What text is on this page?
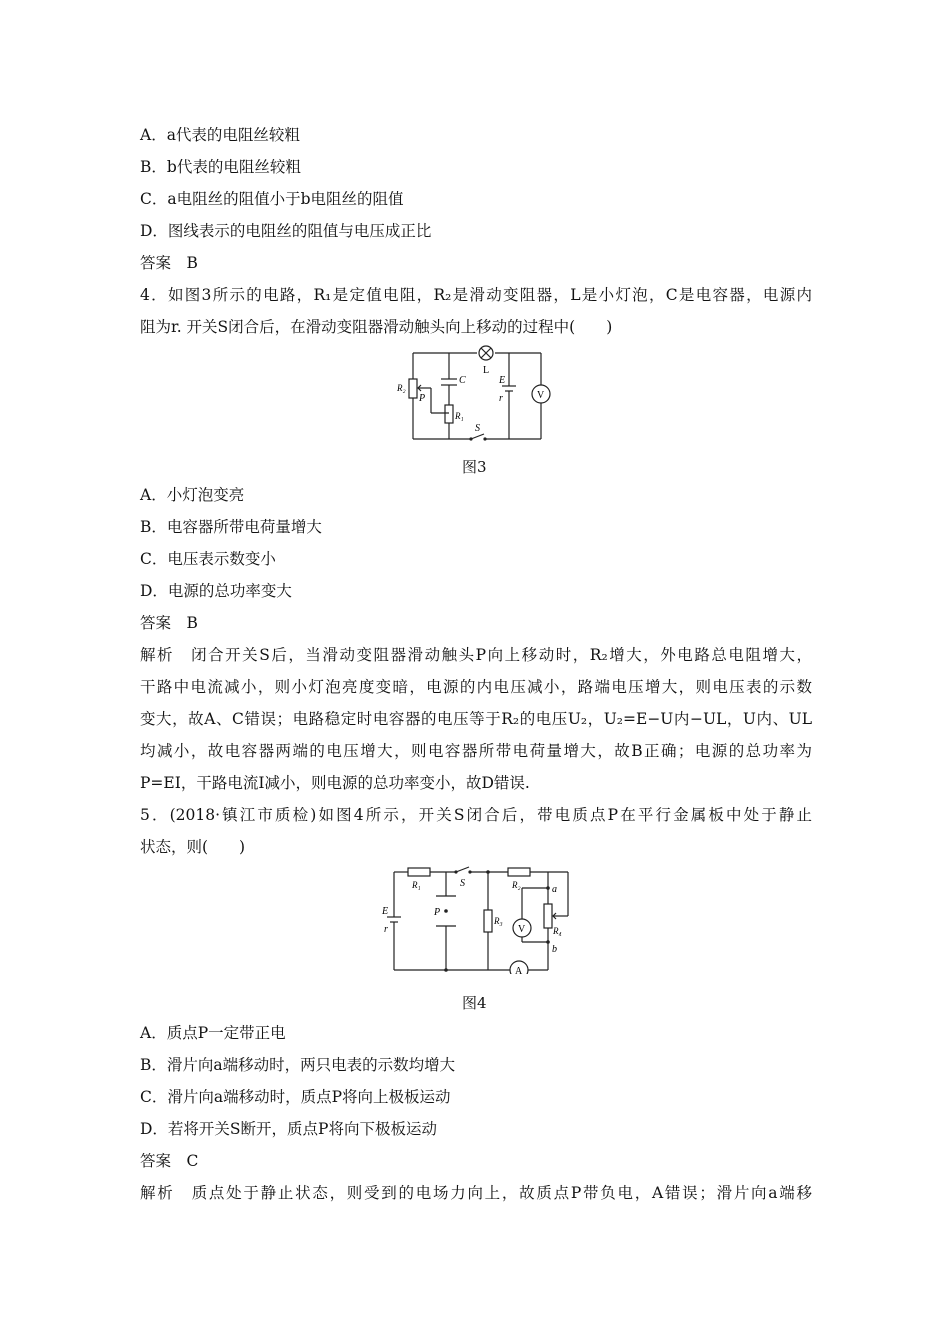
A．a代表的电阻丝较粗
B．b代表的电阻丝较粗
C．a电阻丝的阻值小于b电阻丝的阻值
D．图线表示的电阻丝的阻值与电压成正比
答案　B
4．如图3所示的电路，R₁是定值电阻，R₂是滑动变阻器，L是小灯泡，C是电容器，电源内
阻为r. 开关S闭合后，在滑动变阻器滑动触头向上移动的过程中(　　)
L
C
R₂
P
R₁
E
r	V
S
图3
A．小灯泡变亮
B．电容器所带电荷量增大
C．电压表示数变小
D．电源的总功率变大
答案　B
解析　闭合开关S后，当滑动变阻器滑动触头P向上移动时，R₂增大，外电路总电阻增大，
干路中电流减小，则小灯泡亮度变暗，电源的内电压减小，路端电压增大，则电压表的示数
变大，故A、C错误；电路稳定时电容器的电压等于R₂的电压U₂，U₂=E−U内−UL，U内、UL
均减小，故电容器两端的电压增大，则电容器所带电荷量增大，故B正确；电源的总功率为
P=EI，干路电流I减小，则电源的总功率变小，故D错误.
5．(2018·镇江市质检)如图4所示，开关S闭合后，带电质点P在平行金属板中处于静止
状态，则(　　)
R₁	S	R₂	a
E
r
P
R₃
V	R₄
b
A
图4
A．质点P一定带正电
B．滑片向a端移动时，两只电表的示数均增大
C．滑片向a端移动时，质点P将向上极板运动
D．若将开关S断开，质点P将向下极板运动
答案　C
解析　质点处于静止状态，则受到的电场力向上，故质点P带负电，A错误；滑片向a端移
